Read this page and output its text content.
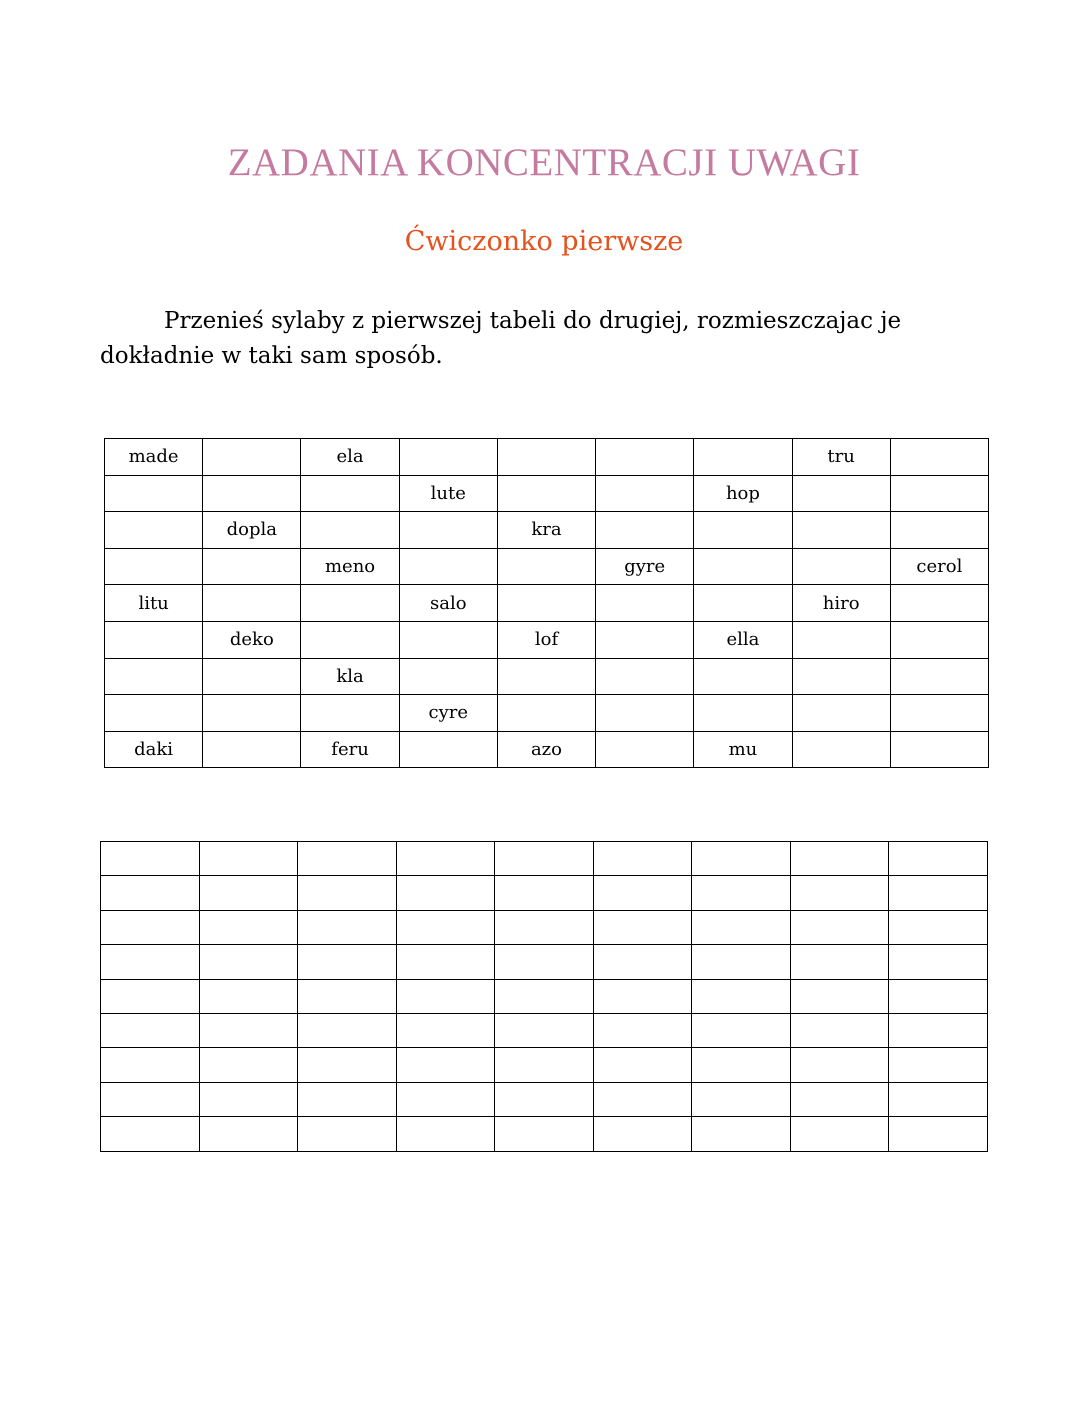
ZADANIA KONCENTRACJI UWAGI
Ćwiczonko pierwsze

Przenieś sylaby z pierwszej tabeli do drugiej, rozmieszczajac je dokładnie w taki sam sposób.

made		ela					tru	
			lute			hop		
	dopla			kra				
		meno			gyre			cerol
litu			salo				hiro	
	deko			lof		ella		
		kla						
			cyre					
daki		feru		azo		mu		
